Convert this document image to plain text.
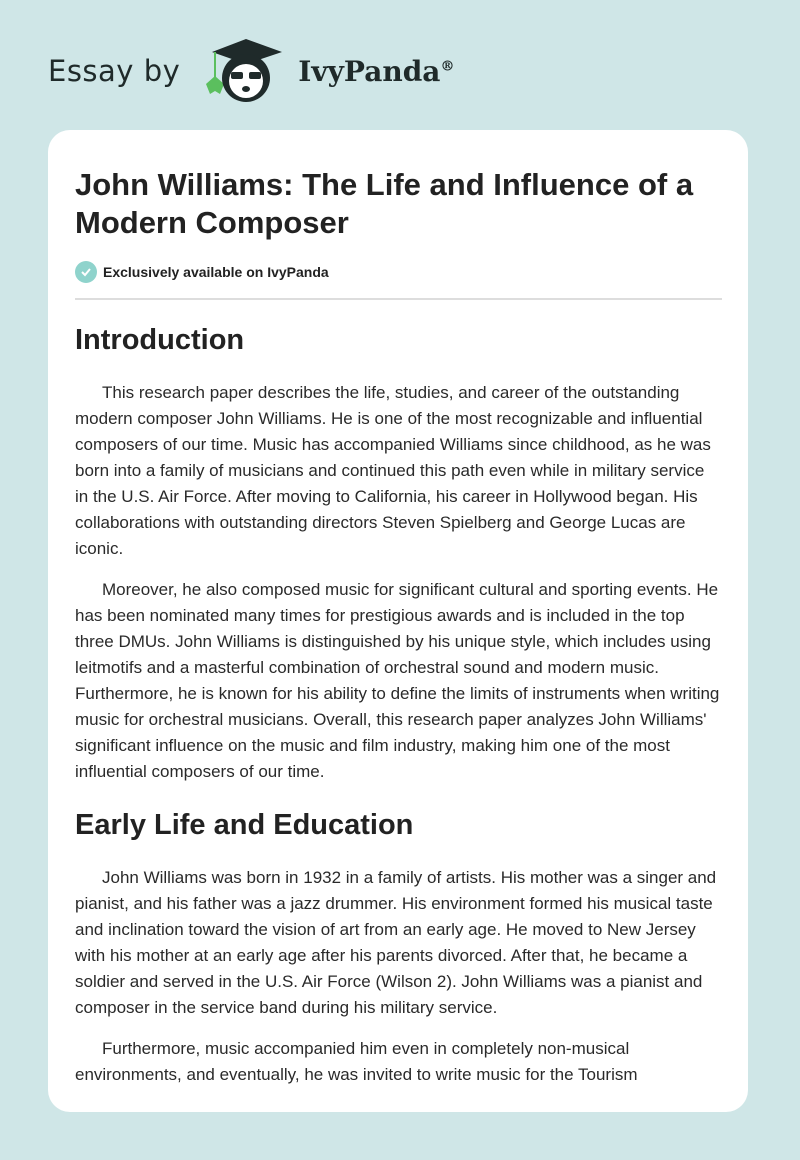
Essay by	IvyPanda®
John Williams: The Life and Influence of a Modern Composer
Exclusively available on IvyPanda
Introduction

This research paper describes the life, studies, and career of the outstanding modern composer John Williams. He is one of the most recognizable and influential composers of our time. Music has accompanied Williams since childhood, as he was born into a family of musicians and continued this path even while in military service in the U.S. Air Force. After moving to California, his career in Hollywood began. His collaborations with outstanding directors Steven Spielberg and George Lucas are iconic.

Moreover, he also composed music for significant cultural and sporting events. He has been nominated many times for prestigious awards and is included in the top three DMUs. John Williams is distinguished by his unique style, which includes using leitmotifs and a masterful combination of orchestral sound and modern music. Furthermore, he is known for his ability to define the limits of instruments when writing music for orchestral musicians. Overall, this research paper analyzes John Williams' significant influence on the music and film industry, making him one of the most influential composers of our time.

Early Life and Education

John Williams was born in 1932 in a family of artists. His mother was a singer and pianist, and his father was a jazz drummer. His environment formed his musical taste and inclination toward the vision of art from an early age. He moved to New Jersey with his mother at an early age after his parents divorced. After that, he became a soldier and served in the U.S. Air Force (Wilson 2). John Williams was a pianist and composer in the service band during his military service.

Furthermore, music accompanied him even in completely non-musical environments, and eventually, he was invited to write music for the Tourism
